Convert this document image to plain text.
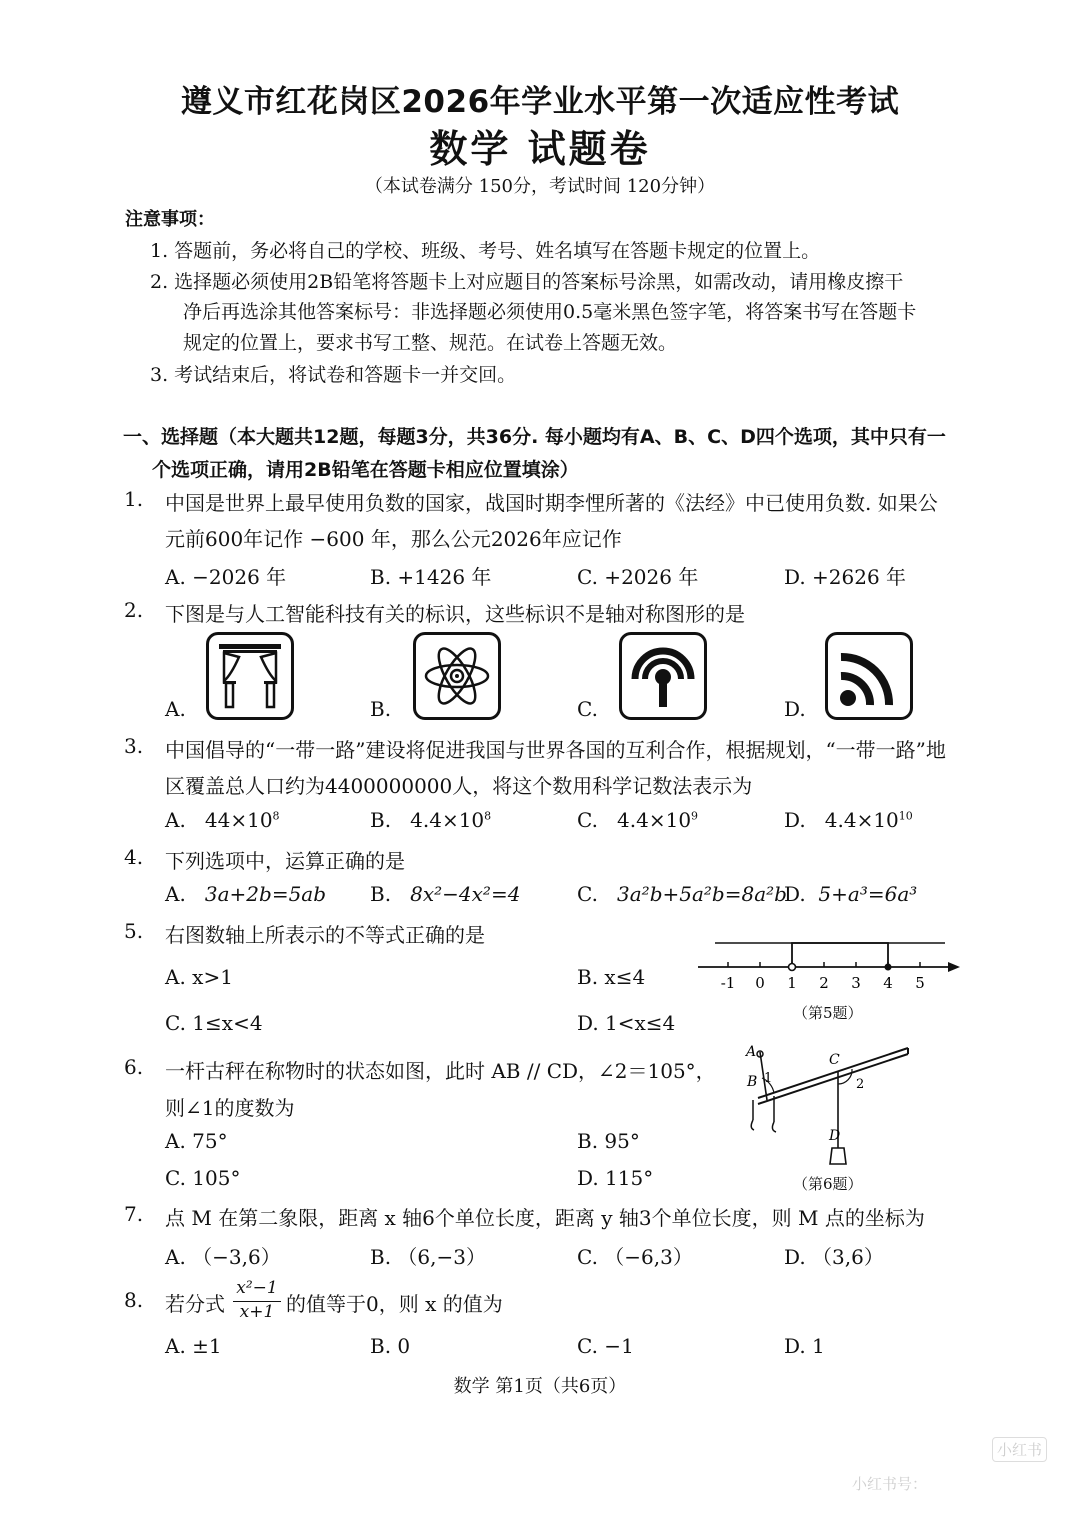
遵义市红花岗区2026年学业水平第一次适应性考试
数学 试题卷
（本试卷满分 150分，考试时间 120分钟）
注意事项：
1. 答题前，务必将自己的学校、班级、考号、姓名填写在答题卡规定的位置上。
2. 选择题必须使用2B铅笔将答题卡上对应题目的答案标号涂黑，如需改动，请用橡皮擦干
净后再选涂其他答案标号：非选择题必须使用0.5毫米黑色签字笔，将答案书写在答题卡
规定的位置上，要求书写工整、规范。在试卷上答题无效。
3. 考试结束后，将试卷和答题卡一并交回。
一、选择题（本大题共12题，每题3分，共36分. 每小题均有A、B、C、D四个选项，其中只有一
个选项正确，请用2B铅笔在答题卡相应位置填涂）
1. 中国是世界上最早使用负数的国家，战国时期李悝所著的《法经》中已使用负数. 如果公
元前600年记作 −600 年，那么公元2026年应记作
A. −2026 年	B. +1426 年	C. +2026 年	D. +2626 年
2. 下图是与人工智能科技有关的标识，这些标识不是轴对称图形的是
A.	B.	C.	D.
3. 中国倡导的“一带一路”建设将促进我国与世界各国的互利合作，根据规划，“一带一路”地
区覆盖总人口约为4400000000人，将这个数用科学记数法表示为
A. $44\times 10^8$	B. $4.4\times 10^8$	C. $4.4\times 10^9$	D. $4.4\times 10^{10}$
4. 下列选项中，运算正确的是
A. 3a+2b=5ab B. 8x²−4x²=4	C. 3a²b+5a²b=8a²b
D. 5+a³=6a³
5. 右图数轴上所表示的不等式正确的是
A. x>1	B. x≤4
C. 1≤x<4	D. 1<x≤4
-1 0 1 2 3 4 5
（第5题）
6. 一杆古秤在称物时的状态如图，此时 AB // CD，∠2＝105°，
则∠1的度数为
A. 75°	B. 95°
C. 105°	D. 115°
A
B
C
D
1	2
（第6题）
7. 点 M 在第二象限，距离 x 轴6个单位长度，距离 y 轴3个单位长度，则 M 点的坐标为
A. （−3,6）	B. （6,−3）	C. （−6,3）	D. （3,6）
8. 若分式
x²−1
x+1 的值等于0，则 x 的值为
A. ±1	B. 0	C. −1	D. 1
数学 第1页（共6页）
小红书
小红书号：
